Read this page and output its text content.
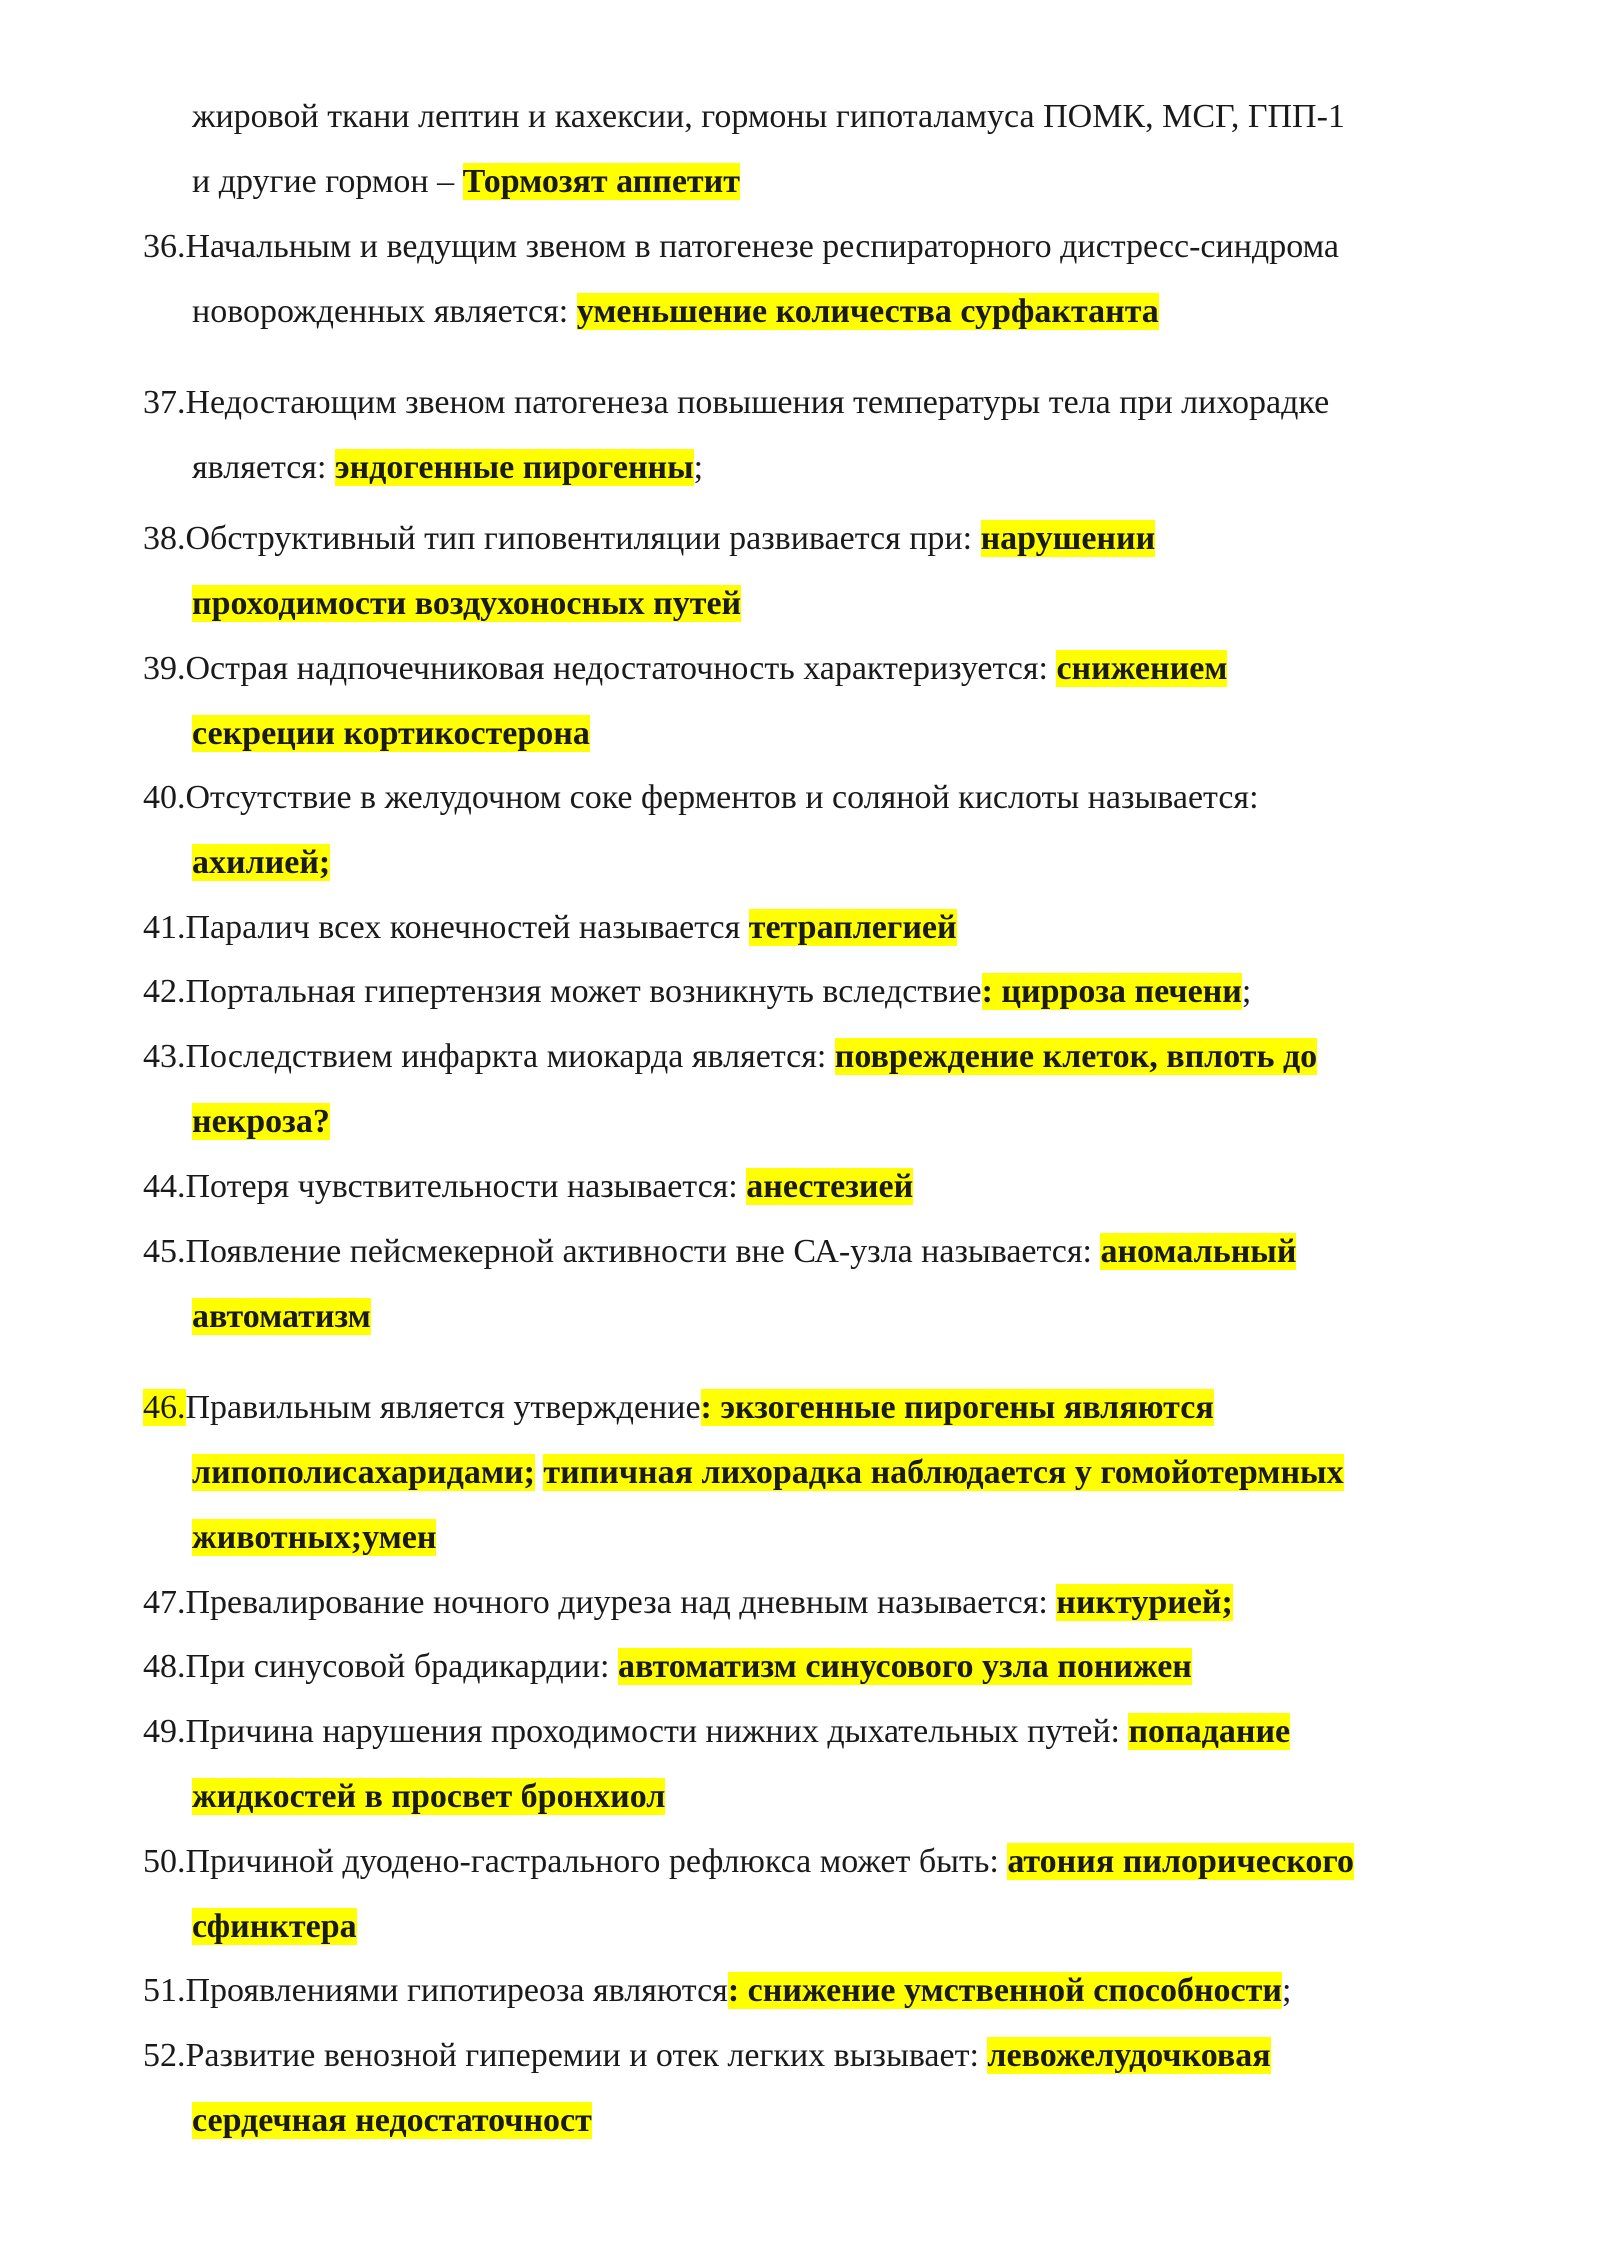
жировой ткани лептин и кахексии, гормоны гипоталамуса ПОМК, МСГ, ГПП-1
и другие гормон – Тормозят аппетит
36.Начальным и ведущим звеном в патогенезе респираторного дистресс-синдрома
новорожденных является: уменьшение количества сурфактанта
37.Недостающим звеном патогенеза повышения температуры тела при лихорадке
является: эндогенные пирогенны;
38.Обструктивный тип гиповентиляции развивается при: нарушении
проходимости воздухоносных путей
39.Острая надпочечниковая недостаточность характеризуется: снижением
секреции кортикостерона
40.Отсутствие в желудочном соке ферментов и соляной кислоты называется:
ахилией;
41.Паралич всех конечностей называется тетраплегией
42.Портальная гипертензия может возникнуть вследствие: цирроза печени;
43.Последствием инфаркта миокарда является: повреждение клеток, вплоть до
некроза?
44.Потеря чувствительности называется: анестезией
45.Появление пейсмекерной активности вне СА-узла называется: аномальный
автоматизм
46.Правильным является утверждение: экзогенные пирогены являются
липополисахаридами; типичная лихорадка наблюдается у гомойотермных
животных;умен
47.Превалирование ночного диуреза над дневным называется: никтурией;
48.При синусовой брадикардии: автоматизм синусового узла понижен
49.Причина нарушения проходимости нижних дыхательных путей: попадание
жидкостей в просвет бронхиол
50.Причиной дуодено-гастрального рефлюкса может быть: атония пилорического
сфинктера
51.Проявлениями гипотиреоза являются: снижение умственной способности;
52.Развитие венозной гиперемии и отек легких вызывает: левожелудочковая
сердечная недостаточност
